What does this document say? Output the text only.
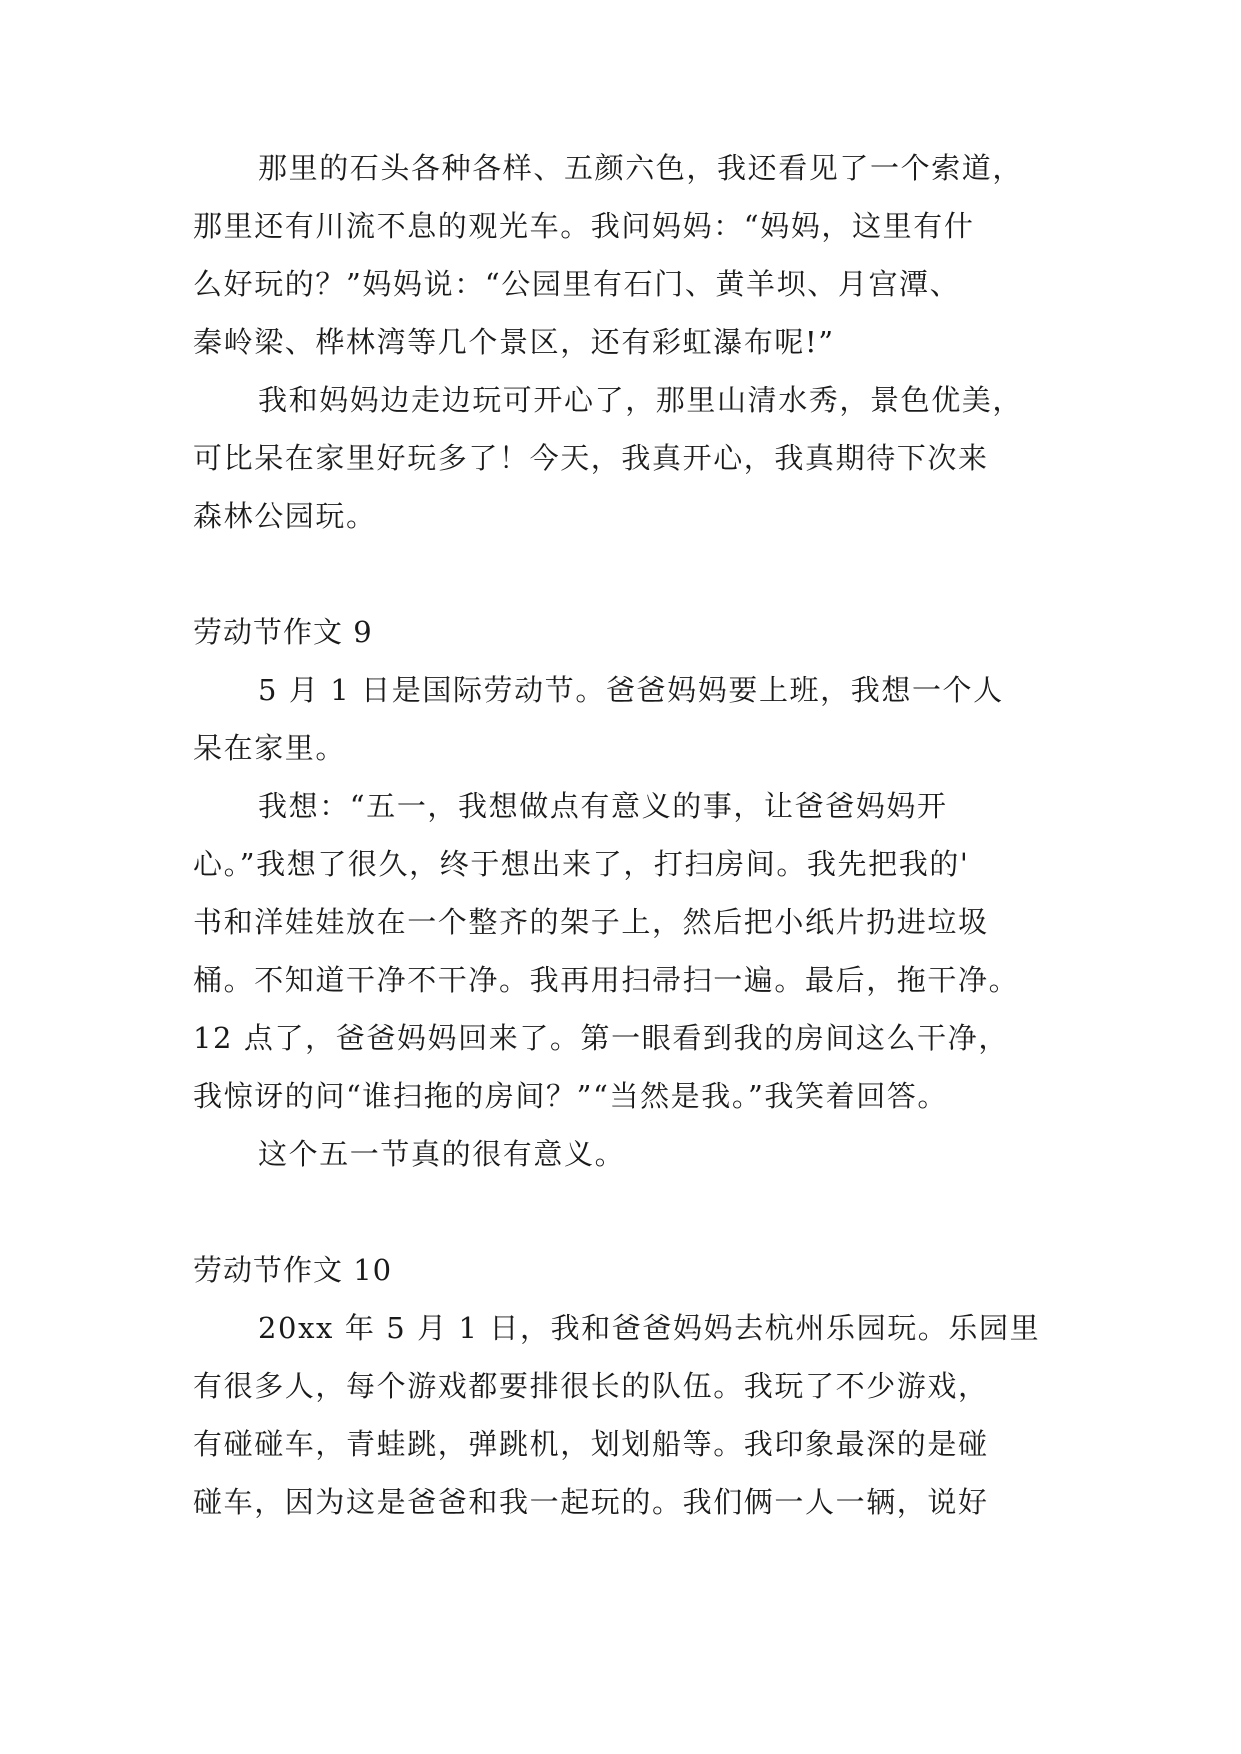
那里的石头各种各样、五颜六色，我还看见了一个索道，
那里还有川流不息的观光车。我问妈妈：“妈妈，这里有什
么好玩的？”妈妈说：“公园里有石门、黄羊坝、月宫潭、
秦岭梁、桦林湾等几个景区，还有彩虹瀑布呢!”
我和妈妈边走边玩可开心了，那里山清水秀，景色优美，
可比呆在家里好玩多了！今天，我真开心，我真期待下次来
森林公园玩。
劳动节作文 9
5 月 1 日是国际劳动节。爸爸妈妈要上班，我想一个人
呆在家里。
我想：“五一，我想做点有意义的事，让爸爸妈妈开
心。”我想了很久，终于想出来了，打扫房间。我先把我的'
书和洋娃娃放在一个整齐的架子上，然后把小纸片扔进垃圾
桶。不知道干净不干净。我再用扫帚扫一遍。最后，拖干净。
12 点了，爸爸妈妈回来了。第一眼看到我的房间这么干净，
我惊讶的问“谁扫拖的房间？”“当然是我。”我笑着回答。
这个五一节真的很有意义。
劳动节作文 10
20xx 年 5 月 1 日，我和爸爸妈妈去杭州乐园玩。乐园里
有很多人，每个游戏都要排很长的队伍。我玩了不少游戏，
有碰碰车，青蛙跳，弹跳机，划划船等。我印象最深的是碰
碰车，因为这是爸爸和我一起玩的。我们俩一人一辆，说好
